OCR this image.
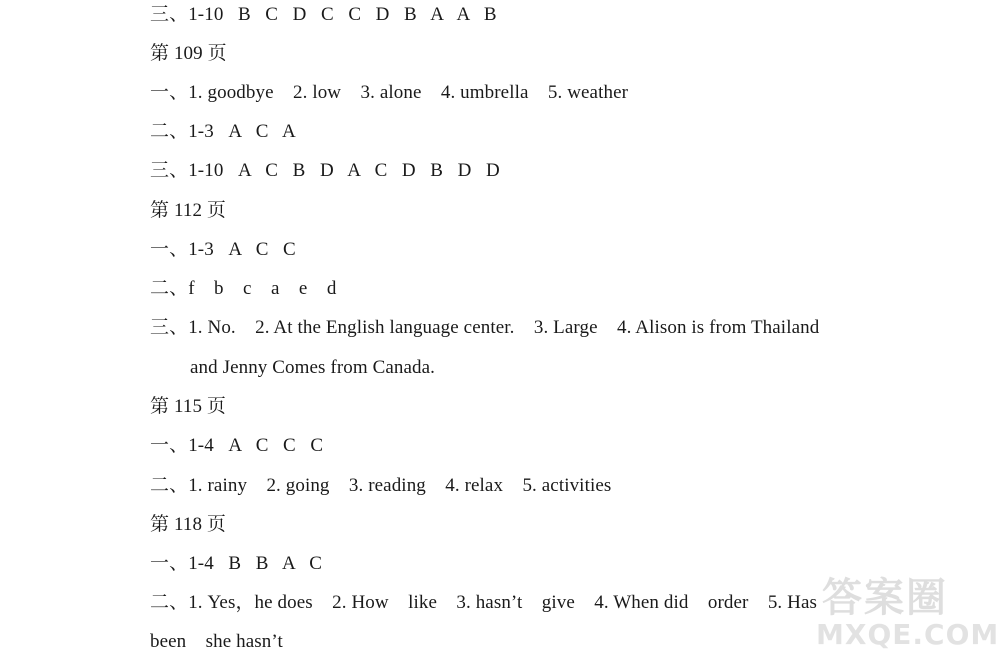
三、1-10   B   C   D   C   C   D   B   A   A   B
第 109 页
一、1. goodbye    2. low    3. alone    4. umbrella    5. weather
二、1-3   A   C   A
三、1-10   A   C   B   D   A   C   D   B   D   D
第 112 页
一、1-3   A   C   C
二、f    b    c    a    e    d
三、1. No.    2. At the English language center.    3. Large    4. Alison is from Thailand
and Jenny Comes from Canada.
第 115 页
一、1-4   A   C   C   C
二、1. rainy    2. going    3. reading    4. relax    5. activities
第 118 页
一、1-4   B   B   A   C
二、1. Yes，he does    2. How    like    3. hasn’t    give    4. When did    order    5. Has
been    she hasn’t
答案圈
MXQE.COM
